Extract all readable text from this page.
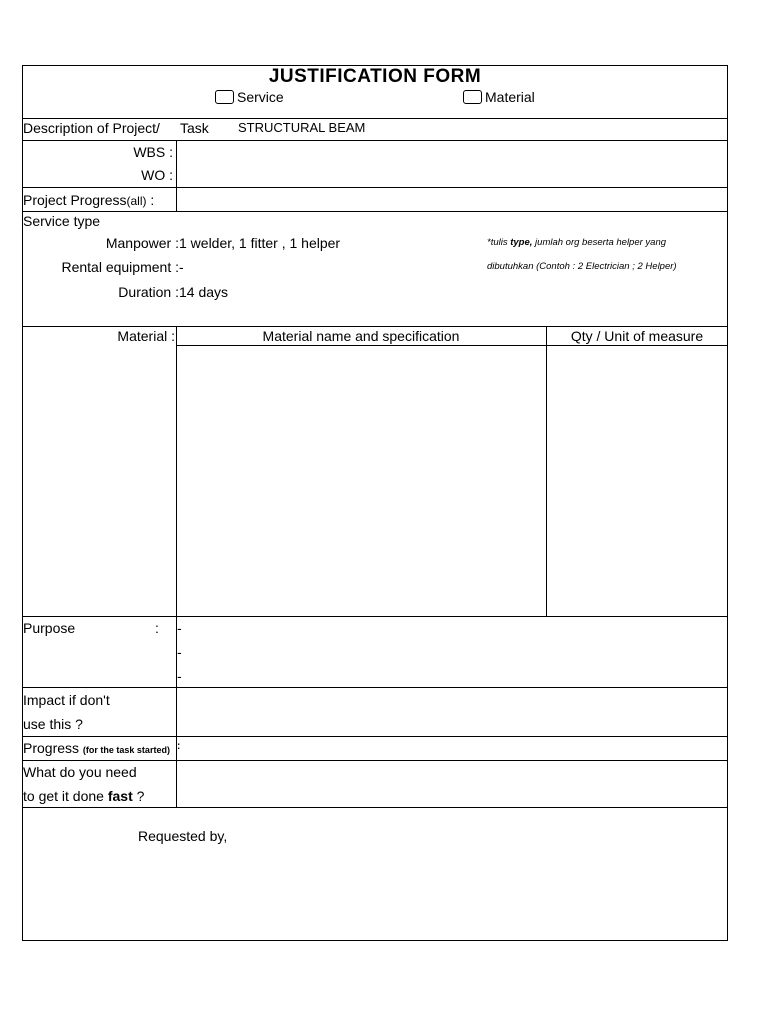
JUSTIFICATION FORM
Service	Material
Description of Project/ Task STRUCTURAL BEAM
WBS :
WO :
Project Progress(all) :
Service type
Manpower : 1 welder, 1 fitter , 1 helper
Rental equipment : -
Duration : 14 days
*tulis type, jumlah org beserta helper yang
dibutuhkan (Contoh : 2 Electrician ; 2 Helper)
Material :	Material name and specification	Qty / Unit of measure
Purpose	: -
-
-
Impact if don't
use this ?
Progress (for the task started) :
What do you need
to get it done fast ?
Requested by,
